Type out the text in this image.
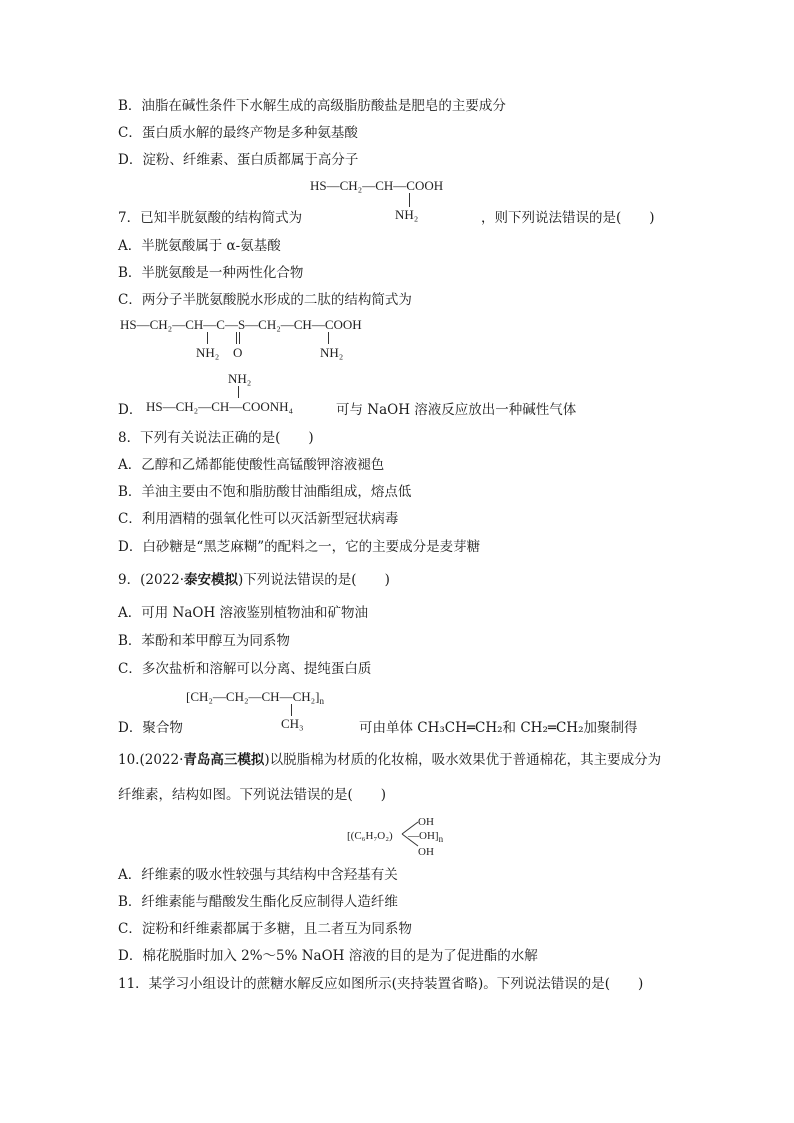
B．油脂在碱性条件下水解生成的高级脂肪酸盐是肥皂的主要成分
C．蛋白质水解的最终产物是多种氨基酸
D．淀粉、纤维素、蛋白质都属于高分子
HS—CH₂—CH—COOH
NH₂
7．已知半胱氨酸的结构简式为	，则下列说法错误的是( )
A．半胱氨酸属于 α-氨基酸
B．半胱氨酸是一种两性化合物
C．两分子半胱氨酸脱水形成的二肽的结构简式为
HS—CH₂—CH—C—S—CH₂—CH—COOH
NH₂ O	NH₂
NH₂
D． HS—CH₂—CH—COONH₄	可与 NaOH 溶液反应放出一种碱性气体
8．下列有关说法正确的是( )
A．乙醇和乙烯都能使酸性高锰酸钾溶液褪色
B．羊油主要由不饱和脂肪酸甘油酯组成，熔点低
C．利用酒精的强氧化性可以灭活新型冠状病毒
D．白砂糖是“黑芝麻糊”的配料之一，它的主要成分是麦芽糖
9．(2022·泰安模拟)下列说法错误的是( )
A．可用 NaOH 溶液鉴别植物油和矿物油
B．苯酚和苯甲醇互为同系物
C．多次盐析和溶解可以分离、提纯蛋白质
$[CH_2—CH_2—CH—CH_2]_n$
CH₃
D．聚合物	可由单体 CH₃CH═CH₂和 CH₂═CH₂加聚制得
10.(2022·青岛高三模拟)以脱脂棉为材质的化妆棉，吸水效果优于普通棉花，其主要成分为
纤维素，结构如图。下列说法错误的是( )
OH
[(C₆H₇O₂) $—OH]_n$
OH
A．纤维素的吸水性较强与其结构中含羟基有关
B．纤维素能与醋酸发生酯化反应制得人造纤维
C．淀粉和纤维素都属于多糖，且二者互为同系物
D．棉花脱脂时加入 2%～5% NaOH 溶液的目的是为了促进酯的水解
11．某学习小组设计的蔗糖水解反应如图所示(夹持装置省略)。下列说法错误的是( )
